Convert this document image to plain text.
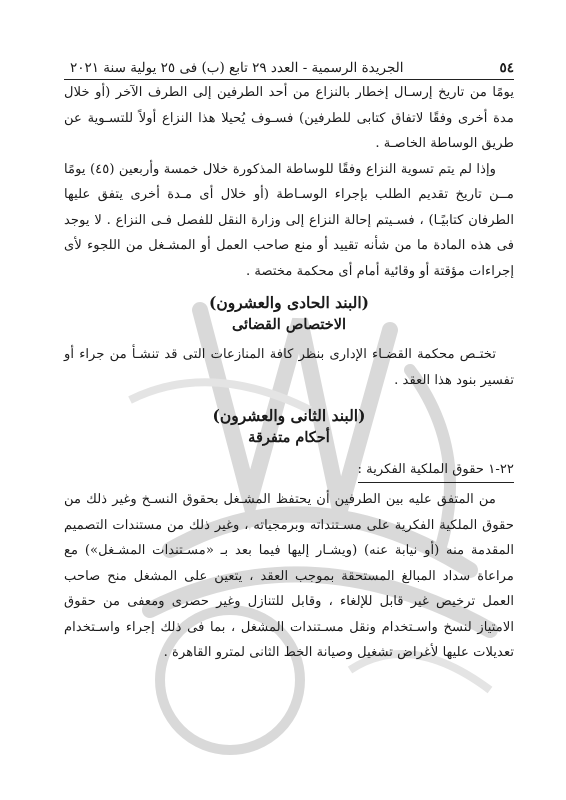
٥٤
الجريدة الرسمية - العدد ٢٩ تابع (ب) فى ٢٥ يولية سنة ٢٠٢١

يومًا من تاريخ إرسـال إخطار بالنزاع من أحد الطرفين إلى الطرف الآخر (أو خلال مدة أخرى وفقًا لاتفاق كتابى للطرفين) فسـوف يُحيلا هذا النزاع أولاً للتسـوية عن طريق الوساطة الخاصـة .

وإذا لم يتم تسوية النزاع وفقًا للوساطة المذكورة خلال خمسة وأربعين (٤٥) يومًا مــن تاريخ تقديم الطلب بإجراء الوسـاطة (أو خلال أى مـدة أخرى يتفق عليها الطرفان كتابيًـا) ، فسـيتم إحالة النزاع إلى وزارة النقل للفصل فـى النزاع . لا يوجد فى هذه المادة ما من شأنه تقييد أو منع صاحب العمل أو المشـغل من اللجوء لأى إجراءات مؤقتة أو وقائية أمام أى محكمة مختصة .

(البند الحادى والعشرون)
الاختصاص القضائى

تختـص محكمة القضـاء الإدارى بنظر كافة المنازعات التى قد تنشـأ من جراء أو تفسير بنود هذا العقد .

(البند الثانى والعشرون)
أحكام متفرقة
٢٢-١ حقوق الملكية الفكرية :

من المتفق عليه بين الطرفين أن يحتفظ المشـغل بحقوق النسـخ وغير ذلك من حقوق الملكية الفكرية على مسـتنداته وبرمجياته ، وغير ذلك من مستندات التصميم المقدمة منه (أو نيابة عنه) (ويشـار إليها فيما بعد بـ «مسـتندات المشـغل») مع مراعاة سداد المبالغ المستحقة بموجب العقد ، يتعين على المشغل منح صاحب العمل ترخيص غير قابل للإلغاء ، وقابل للتنازل وغير حصرى ومعفى من حقوق الامتياز لنسخ واسـتخدام ونقل مسـتندات المشغل ، بما فى ذلك إجراء واسـتخدام تعديلات عليها لأغراض تشغيل وصيانة الخط الثانى لمترو القاهرة .
